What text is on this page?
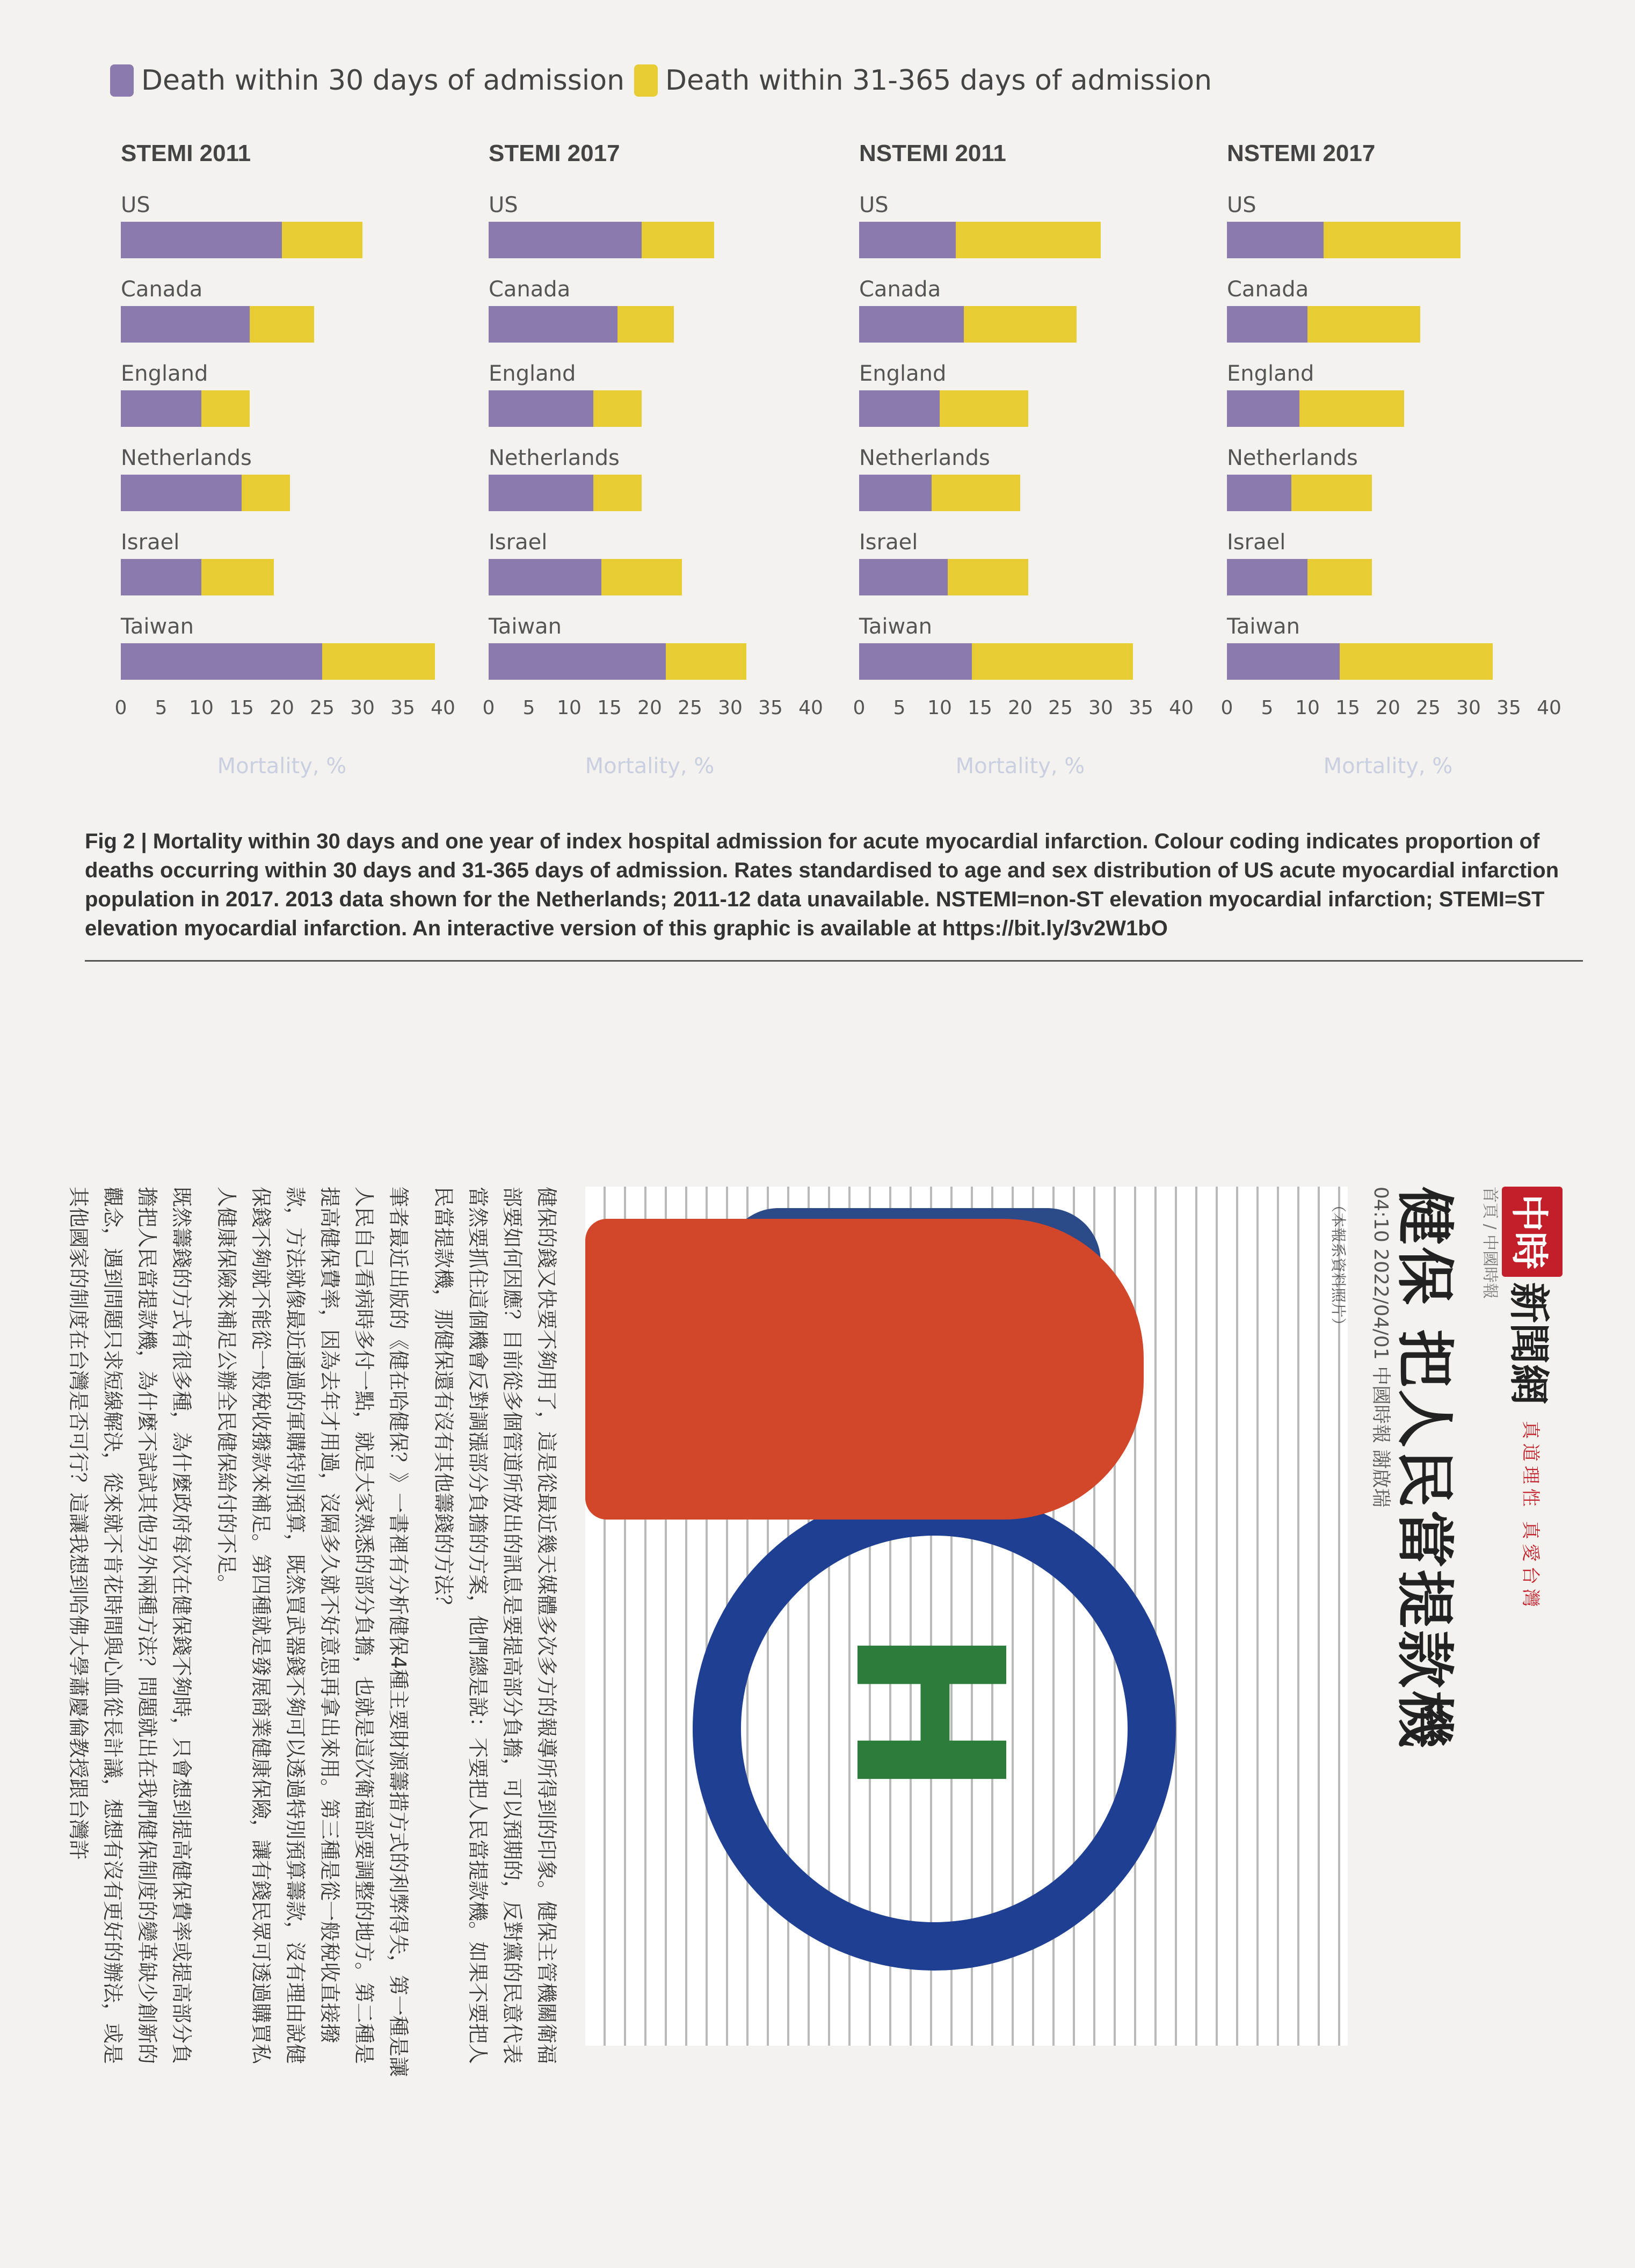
Death within 30 days of admission Death within 31-365 days of admission
STEMI 2011
US
Canada
England
Netherlands
Israel
Taiwan
0 5 10 15 20 25 30 35 40
Mortality, %
STEMI 2017
US
Canada
England
Netherlands
Israel
Taiwan
0 5 10 15 20 25 30 35 40
Mortality, %
NSTEMI 2011
US
Canada
England
Netherlands
Israel
Taiwan
0 5 10 15 20 25 30 35 40
Mortality, %
NSTEMI 2017
US
Canada
England
Netherlands
Israel
Taiwan
0 5 10 15 20 25 30 35 40
Mortality, %
Fig 2 | Mortality within 30 days and one year of index hospital admission for acute myocardial infarction. Colour coding indicates proportion of deaths occurring within 30 days and 31-365 days of admission. Rates standardised to age and sex distribution of US acute myocardial infarction population in 2017. 2013 data shown for the Netherlands; 2011-12 data unavailable. NSTEMI=non-ST elevation myocardial infarction; STEMI=ST elevation myocardial infarction. An interactive version of this graphic is available at https://bit.ly/3v2W1bO
中時
新聞網
真道理性 真愛台灣
首頁 / 中國時報
健保 把人民當提款機
04:10 2022/04/01 中國時報 謝啟瑞
H
（本報系資料照片）

健保的錢又快要不夠用了，這是從最近幾天媒體多次多方的報導所得到的印象。健保主管機關衛福部要如何因應？目前從多個管道所放出的訊息是要提高部分負擔，可以預期的，反對黨的民意代表當然要抓住這個機會反對調漲部分負擔的方案，他們總是說：不要把人民當提款機。如果不要把人民當提款機，那健保還有沒有其他籌錢的方法？

筆者最近出版的《健在哈健保？》一書裡有分析健保4種主要財源籌措方式的利弊得失，第一種是讓人民自己看病時多付一點，就是大家熟悉的部分負擔，也就是這次衛福部要調整的地方。第二種是提高健保費率，因為去年才用過，沒隔多久就不好意思再拿出來用。第三種是從一般稅收直接撥款，方法就像最近通過的軍購特別預算，既然買武器錢不夠可以透過特別預算籌款，沒有理由說健保錢不夠就不能從一般稅收撥款來補足。第四種就是發展商業健康保險，讓有錢民眾可透過購買私人健康保險來補足公辦全民健保給付的不足。

既然籌錢的方式有很多種，為什麼政府每次在健保錢不夠時，只會想到提高健保費率或提高部分負擔把人民當提款機，為什麼不試試其他另外兩種方法？問題就出在我們健保制度的變革缺少創新的觀念，遇到問題只求短線解決，從來就不肯花時間與心血從長計議，想想有沒有更好的辦法，或是其他國家的制度在台灣是否可行？這讓我想到哈佛大學蕭慶倫教授跟台灣許
